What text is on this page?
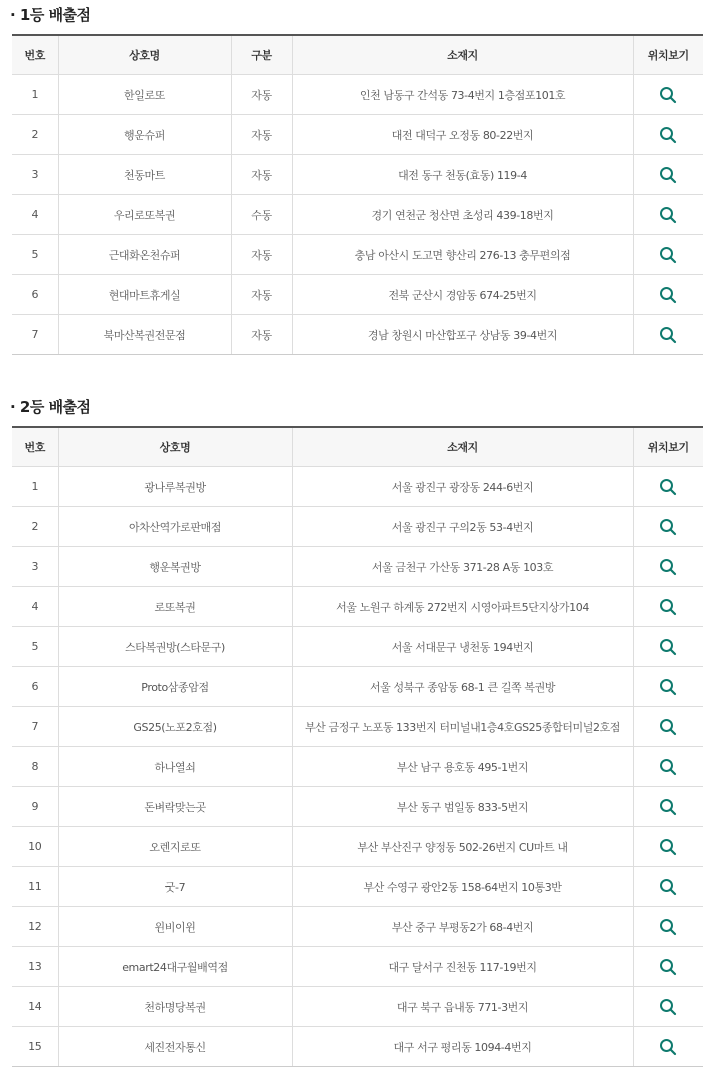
· 1등 배출점
번호	상호명	구분	소재지	위치보기
1	한일로또	자동	인천 남동구 간석동 73-4번지 1층점포101호	

2	행운슈퍼	자동	대전 대덕구 오정동 80-22번지	

3	천동마트	자동	대전 동구 천동(효동) 119-4	

4	우리로또복권	수동	경기 연천군 청산면 초성리 439-18번지	

5	근대화온천슈퍼	자동	충남 아산시 도고면 향산리 276-13 충무편의점	

6	현대마트휴게실	자동	전북 군산시 경암동 674-25번지	

7	북마산복권전문점	자동	경남 창원시 마산합포구 상남동 39-4번지	
· 2등 배출점
번호	상호명	소재지	위치보기
1	광나루복권방	서울 광진구 광장동 244-6번지	

2	아차산역가로판매점	서울 광진구 구의2동 53-4번지	

3	행운복권방	서울 금천구 가산동 371-28 A동 103호	

4	로또복권	서울 노원구 하계동 272번지 시영아파트5단지상가104	

5	스타복권방(스타문구)	서울 서대문구 냉천동 194번지	

6	Proto삼종암점	서울 성북구 종암동 68-1 큰 길쪽 복권방	

7	GS25(노포2호점)	부산 금정구 노포동 133번지 터미널내1층4호GS25종합터미널2호점	

8	하나열쇠	부산 남구 용호동 495-1번지	

9	돈벼락맞는곳	부산 동구 범일동 833-5번지	

10	오렌지로또	부산 부산진구 양정동 502-26번지 CU마트 내	

11	굿-7	부산 수영구 광안2동 158-64번지 10통3반	

12	윈비이윈	부산 중구 부평동2가 68-4번지	

13	emart24대구월배역점	대구 달서구 진천동 117-19번지	

14	천하명당복권	대구 북구 읍내동 771-3번지	

15	세진전자통신	대구 서구 평리동 1094-4번지	
